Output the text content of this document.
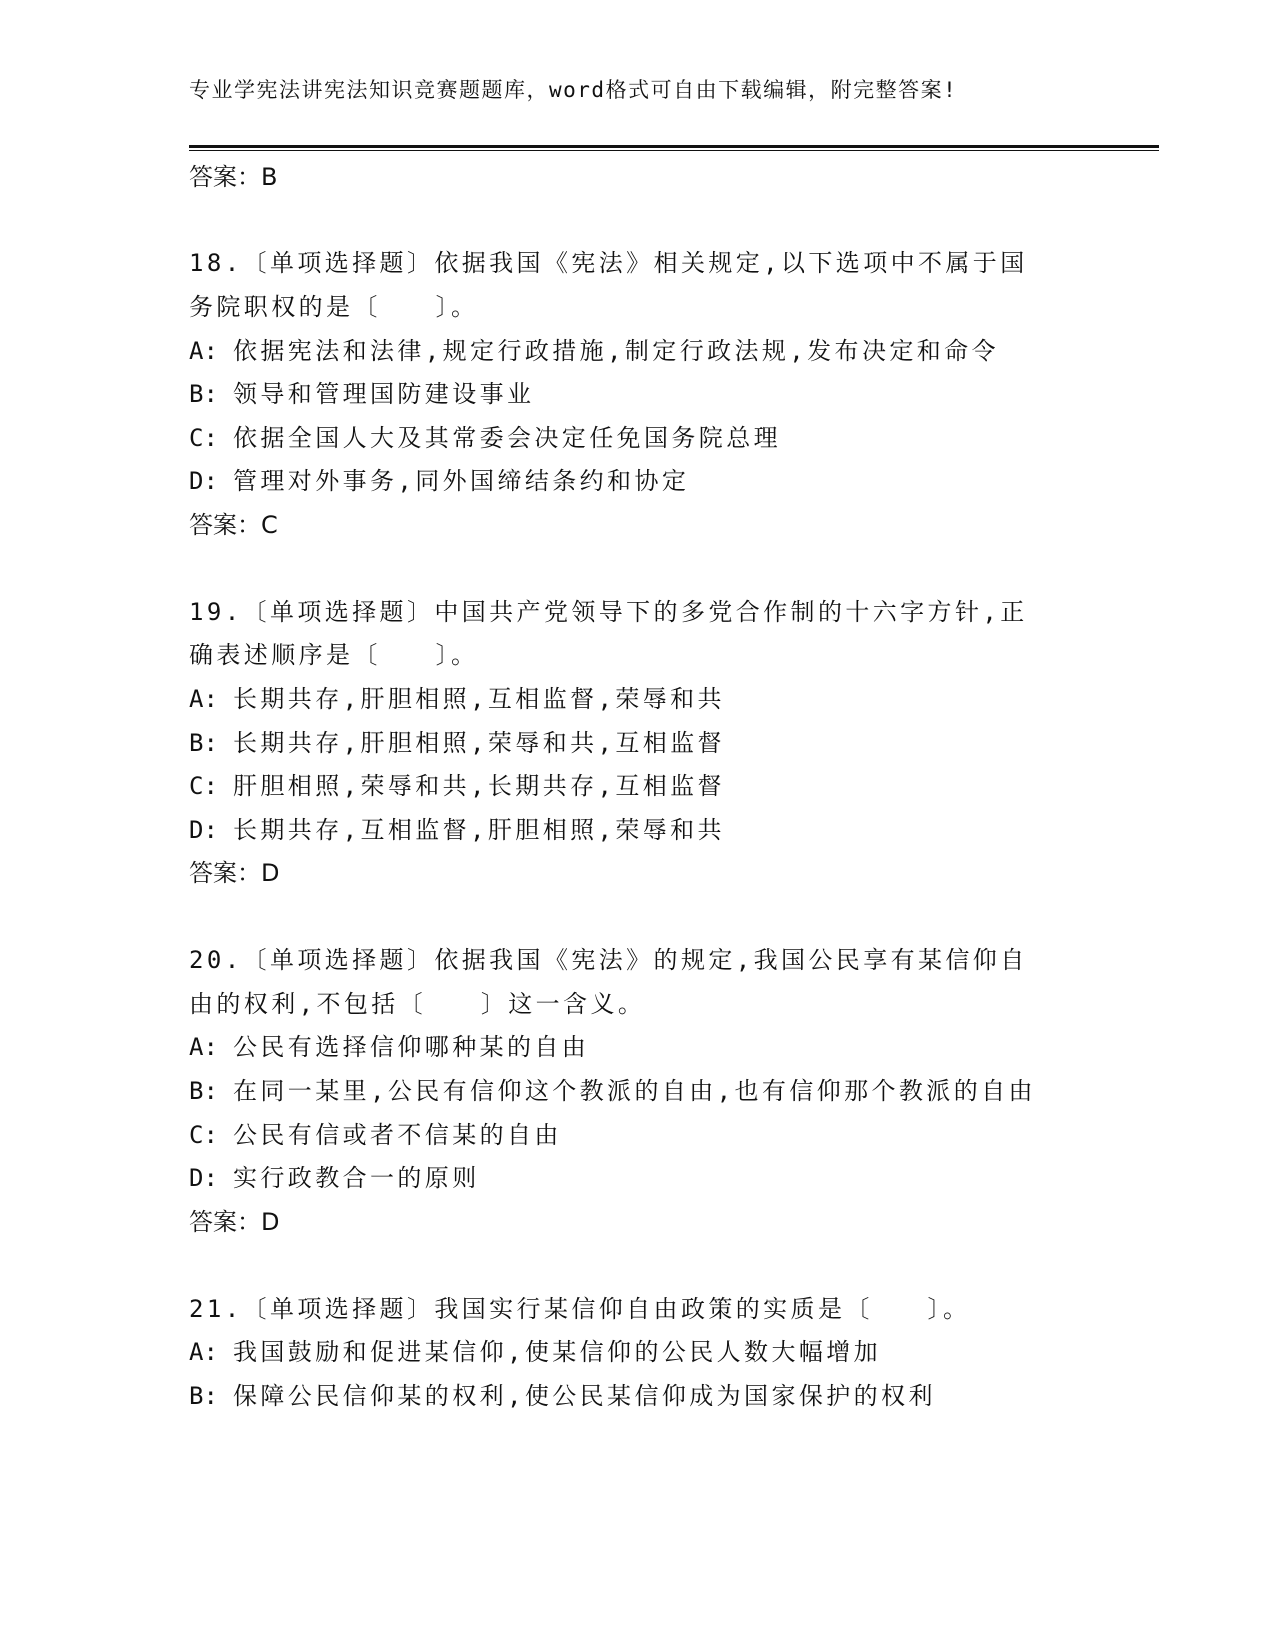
专业学宪法讲宪法知识竞赛题题库，word格式可自由下载编辑，附完整答案!
答案：B
18.〔单项选择题〕依据我国《宪法》相关规定,以下选项中不属于国
务院职权的是〔　　〕。
A: 依据宪法和法律,规定行政措施,制定行政法规,发布决定和命令
B: 领导和管理国防建设事业
C: 依据全国人大及其常委会决定任免国务院总理
D: 管理对外事务,同外国缔结条约和协定
答案：C
19.〔单项选择题〕中国共产党领导下的多党合作制的十六字方针,正
确表述顺序是〔　　〕。
A: 长期共存,肝胆相照,互相监督,荣辱和共
B: 长期共存,肝胆相照,荣辱和共,互相监督
C: 肝胆相照,荣辱和共,长期共存,互相监督
D: 长期共存,互相监督,肝胆相照,荣辱和共
答案：D
20.〔单项选择题〕依据我国《宪法》的规定,我国公民享有某信仰自
由的权利,不包括〔　　〕这一含义。
A: 公民有选择信仰哪种某的自由
B: 在同一某里,公民有信仰这个教派的自由,也有信仰那个教派的自由
C: 公民有信或者不信某的自由
D: 实行政教合一的原则
答案：D
21.〔单项选择题〕我国实行某信仰自由政策的实质是〔　　〕。
A: 我国鼓励和促进某信仰,使某信仰的公民人数大幅增加
B: 保障公民信仰某的权利,使公民某信仰成为国家保护的权利
